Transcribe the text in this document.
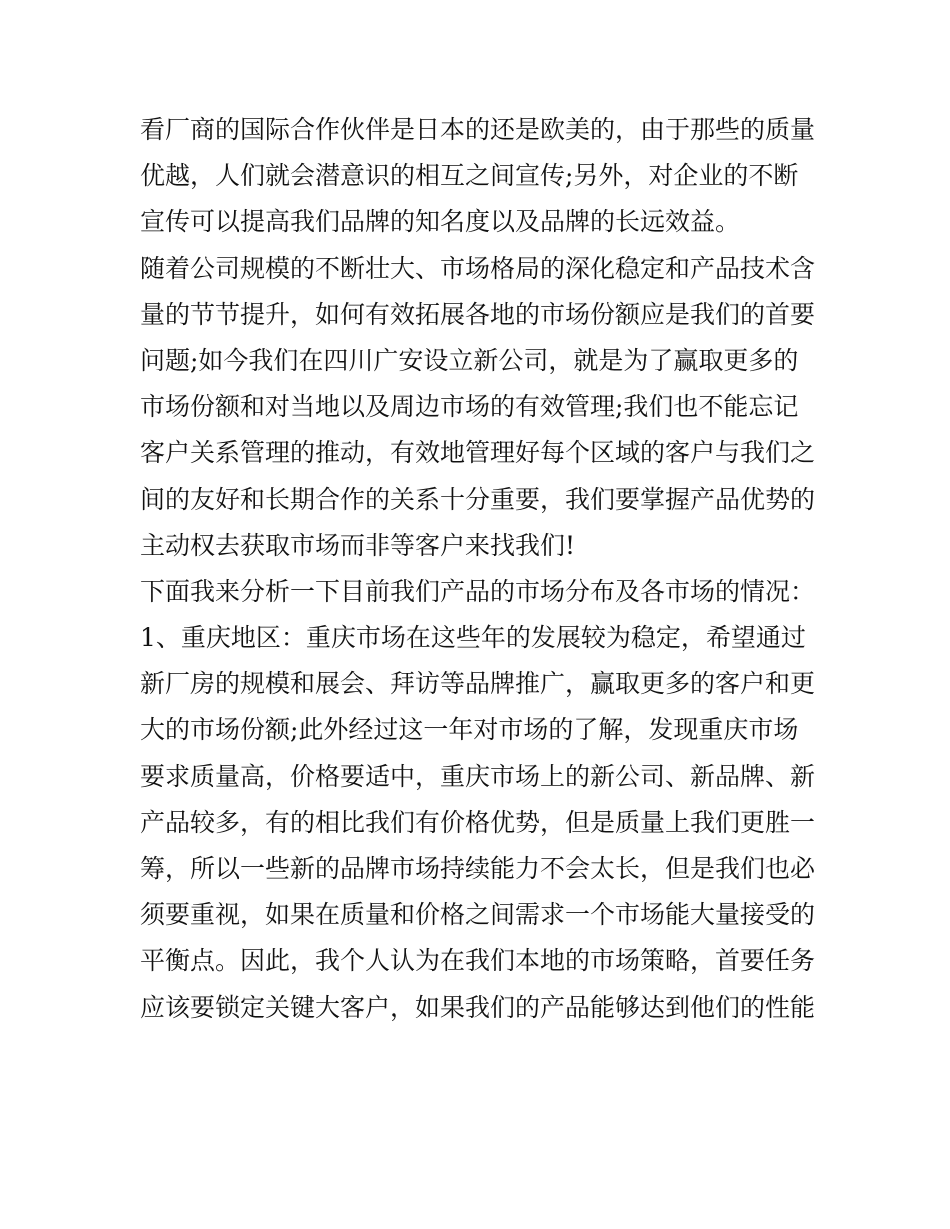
看厂商的国际合作伙伴是日本的还是欧美的，由于那些的质量
优越，人们就会潜意识的相互之间宣传;另外，对企业的不断
宣传可以提高我们品牌的知名度以及品牌的长远效益。
随着公司规模的不断壮大、市场格局的深化稳定和产品技术含
量的节节提升，如何有效拓展各地的市场份额应是我们的首要
问题;如今我们在四川广安设立新公司，就是为了赢取更多的
市场份额和对当地以及周边市场的有效管理;我们也不能忘记
客户关系管理的推动，有效地管理好每个区域的客户与我们之
间的友好和长期合作的关系十分重要，我们要掌握产品优势的
主动权去获取市场而非等客户来找我们!
下面我来分析一下目前我们产品的市场分布及各市场的情况：
1、重庆地区：重庆市场在这些年的发展较为稳定，希望通过
新厂房的规模和展会、拜访等品牌推广，赢取更多的客户和更
大的市场份额;此外经过这一年对市场的了解，发现重庆市场
要求质量高，价格要适中，重庆市场上的新公司、新品牌、新
产品较多，有的相比我们有价格优势，但是质量上我们更胜一
筹，所以一些新的品牌市场持续能力不会太长，但是我们也必
须要重视，如果在质量和价格之间需求一个市场能大量接受的
平衡点。因此，我个人认为在我们本地的市场策略，首要任务
应该要锁定关键大客户，如果我们的产品能够达到他们的性能
